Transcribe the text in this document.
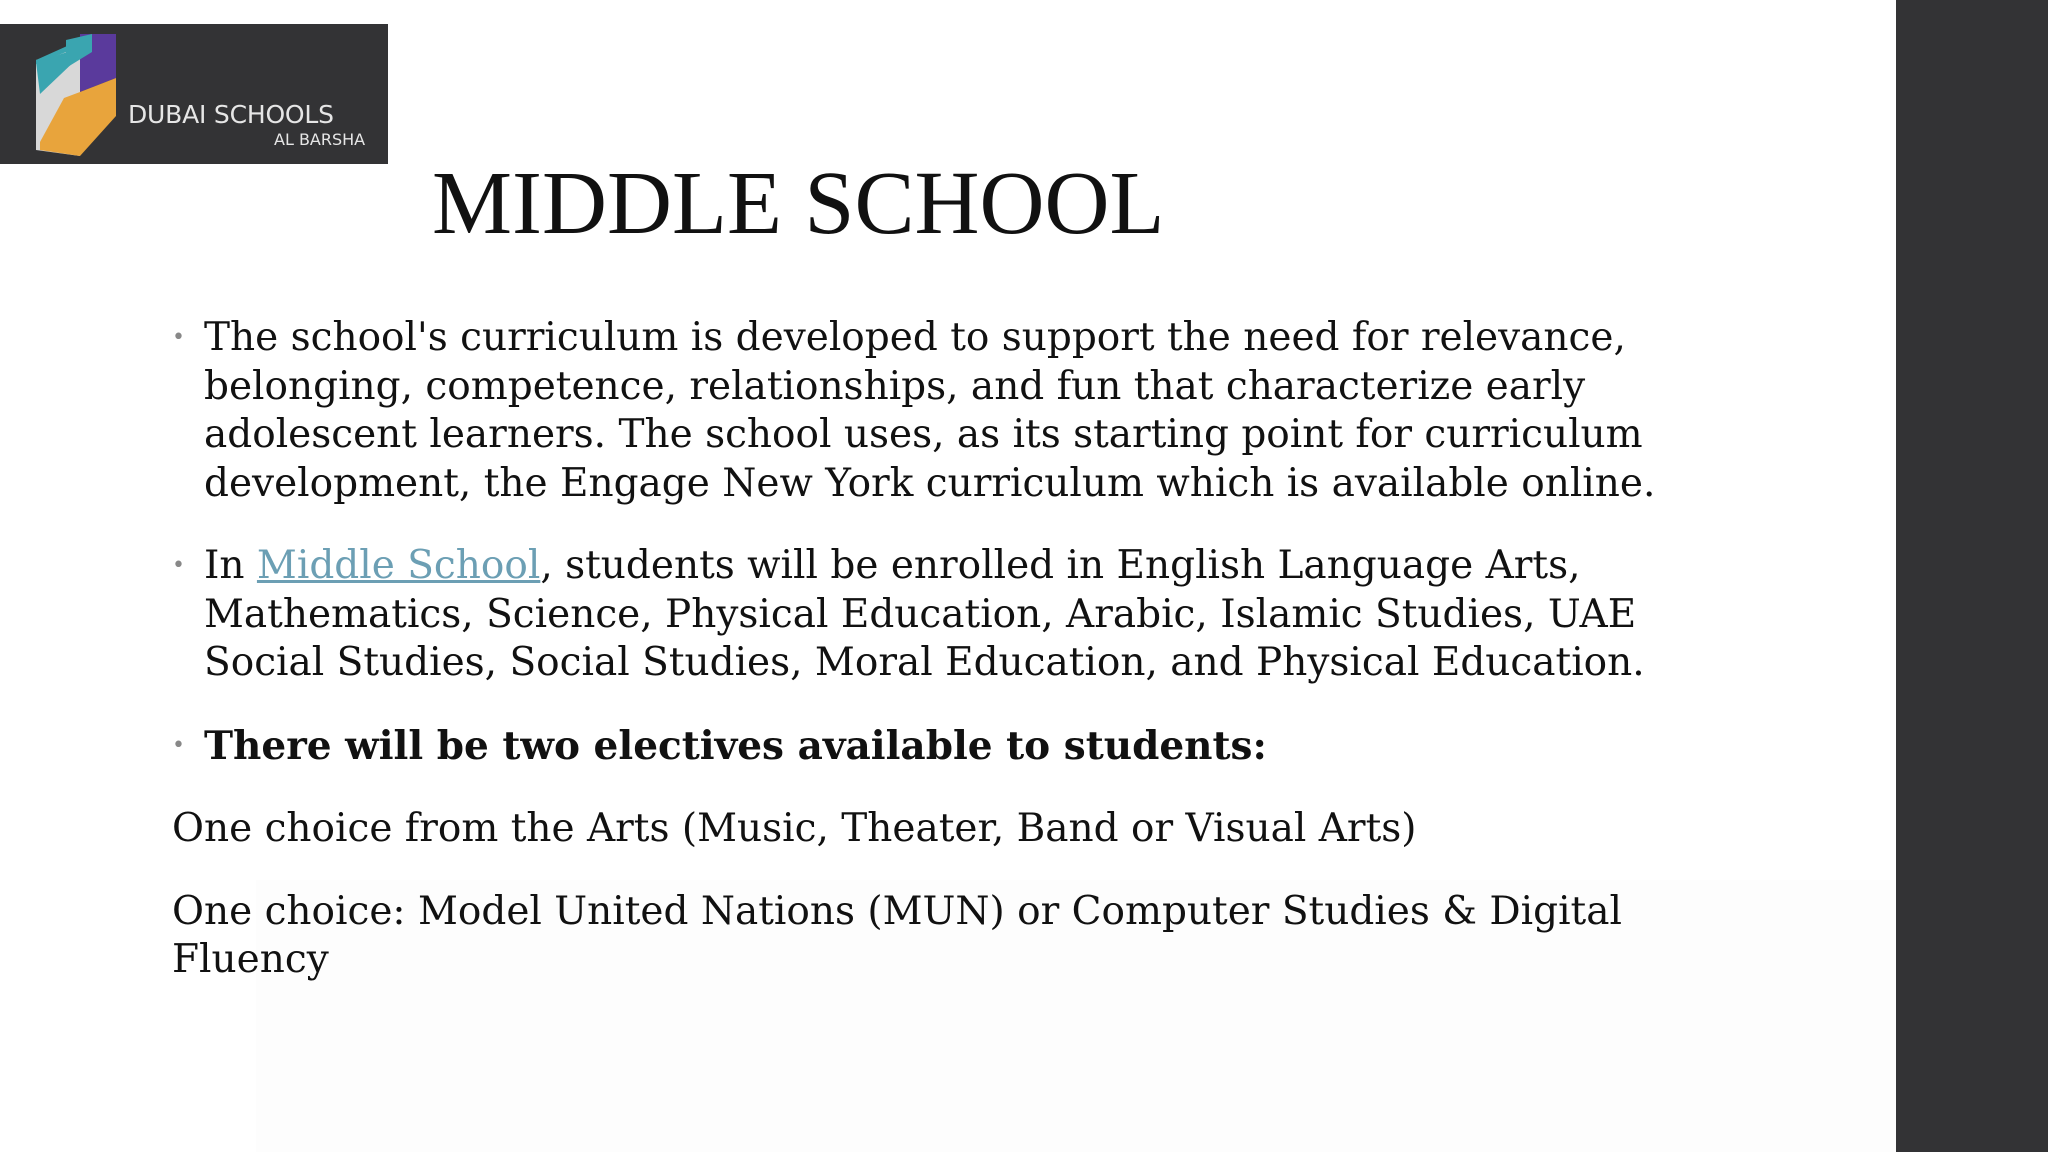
DUBAI SCHOOLS
AL BARSHA
MIDDLE SCHOOL
• The school's curriculum is developed to support the need for relevance, belonging, competence, relationships, and fun that characterize early adolescent learners. The school uses, as its starting point for curriculum development, the Engage New York curriculum which is available online.
• In Middle School, students will be enrolled in English Language Arts, Mathematics, Science, Physical Education, Arabic, Islamic Studies, UAE Social Studies, Social Studies, Moral Education, and Physical Education.
• There will be two electives available to students:
One choice from the Arts (Music, Theater, Band or Visual Arts)
One choice: Model United Nations (MUN) or Computer Studies & Digital Fluency
